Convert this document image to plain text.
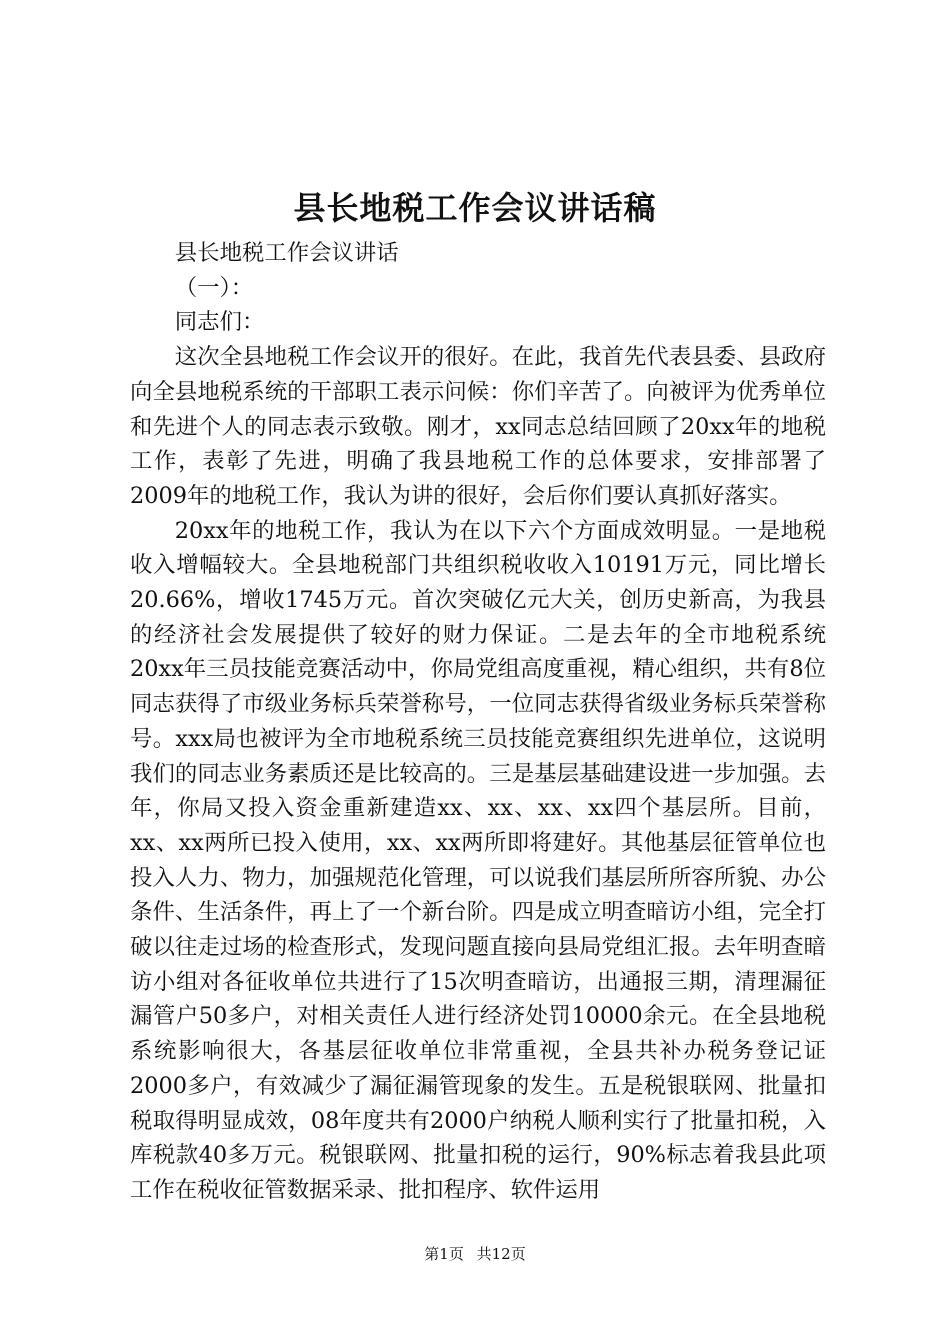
县长地税工作会议讲话稿

县长地税工作会议讲话

（一）：

同志们：

这次全县地税工作会议开的很好。在此，我首先代表县委、县政府向全县地税系统的干部职工表示问候：你们辛苦了。向被评为优秀单位和先进个人的同志表示致敬。刚才，xx同志总结回顾了20xx年的地税工作，表彰了先进，明确了我县地税工作的总体要求，安排部署了2009年的地税工作，我认为讲的很好，会后你们要认真抓好落实。

20xx年的地税工作，我认为在以下六个方面成效明显。一是地税收入增幅较大。全县地税部门共组织税收收入10191万元，同比增长20.66%，增收1745万元。首次突破亿元大关，创历史新高，为我县的经济社会发展提供了较好的财力保证。二是去年的全市地税系统20xx年三员技能竞赛活动中，你局党组高度重视，精心组织，共有8位同志获得了市级业务标兵荣誉称号，一位同志获得省级业务标兵荣誉称号。xxx局也被评为全市地税系统三员技能竞赛组织先进单位，这说明我们的同志业务素质还是比较高的。三是基层基础建设进一步加强。去年，你局又投入资金重新建造xx、xx、xx、xx四个基层所。目前，xx、xx两所已投入使用，xx、xx两所即将建好。其他基层征管单位也投入人力、物力，加强规范化管理，可以说我们基层所所容所貌、办公条件、生活条件，再上了一个新台阶。四是成立明查暗访小组，完全打破以往走过场的检查形式，发现问题直接向县局党组汇报。去年明查暗访小组对各征收单位共进行了15次明查暗访，出通报三期，清理漏征漏管户50多户，对相关责任人进行经济处罚10000余元。在全县地税系统影响很大，各基层征收单位非常重视，全县共补办税务登记证2000多户，有效减少了漏征漏管现象的发生。五是税银联网、批量扣税取得明显成效，08年度共有2000户纳税人顺利实行了批量扣税，入库税款40多万元。税银联网、批量扣税的运行，90%标志着我县此项工作在税收征管数据采录、批扣程序、软件运用

第1页 共12页
